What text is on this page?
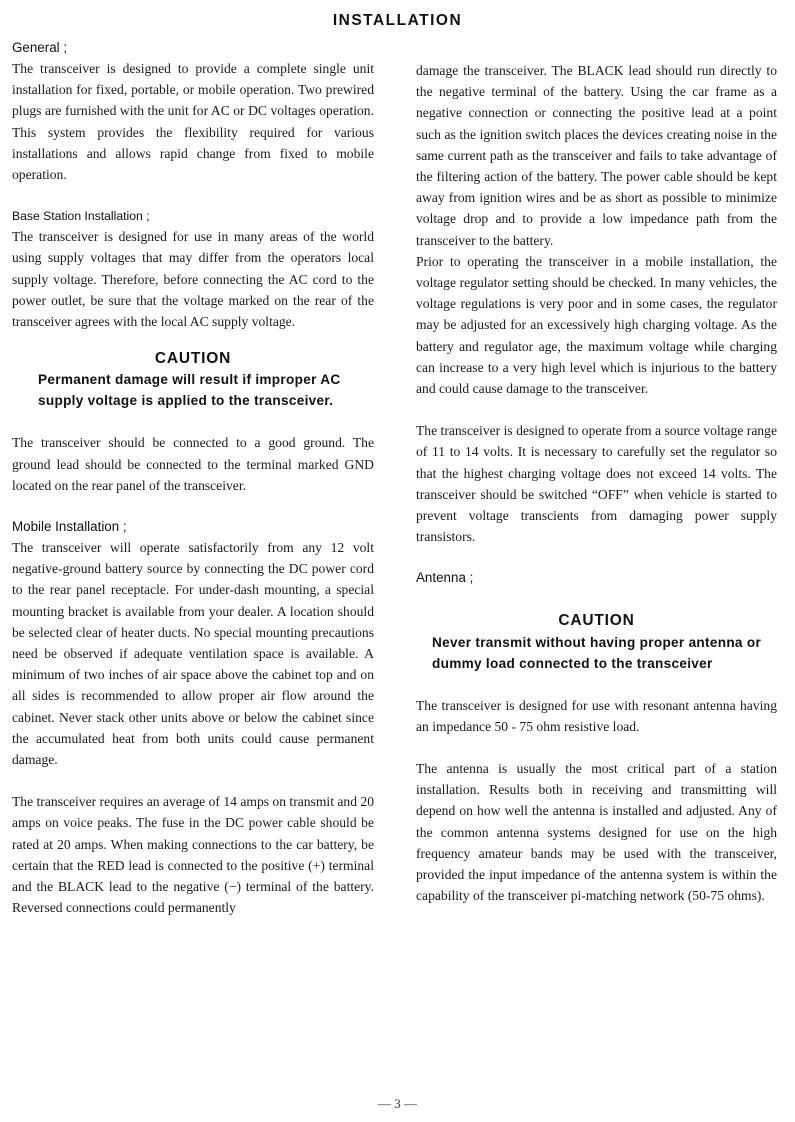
INSTALLATION

General ;

The transceiver is designed to provide a complete single unit installation for fixed, portable, or mobile operation. Two prewired plugs are furnished with the unit for AC or DC voltages operation. This system provides the flexibility required for various installations and allows rapid change from fixed to mobile operation.

Base Station Installation ;

The transceiver is designed for use in many areas of the world using supply voltages that may differ from the operators local supply voltage. Therefore, before connecting the AC cord to the power outlet, be sure that the voltage marked on the rear of the transceiver agrees with the local AC supply voltage.

CAUTION

Permanent damage will result if improper AC supply voltage is applied to the transceiver.

The transceiver should be connected to a good ground. The ground lead should be connected to the terminal marked GND located on the rear panel of the transceiver.

Mobile Installation ;

The transceiver will operate satisfactorily from any 12 volt negative-ground battery source by connecting the DC power cord to the rear panel receptacle. For under-dash mounting, a special mounting bracket is available from your dealer. A location should be selected clear of heater ducts. No special mounting precautions need be observed if adequate ventilation space is available. A minimum of two inches of air space above the cabinet top and on all sides is recommended to allow proper air flow around the cabinet. Never stack other units above or below the cabinet since the accumulated heat from both units could cause permanent damage.

The transceiver requires an average of 14 amps on transmit and 20 amps on voice peaks. The fuse in the DC power cable should be rated at 20 amps. When making connections to the car battery, be certain that the RED lead is connected to the positive (+) terminal and the BLACK lead to the negative (−) terminal of the battery. Reversed connections could permanently

damage the transceiver. The BLACK lead should run directly to the negative terminal of the battery. Using the car frame as a negative connection or connecting the positive lead at a point such as the ignition switch places the devices creating noise in the same current path as the transceiver and fails to take advantage of the filtering action of the battery. The power cable should be kept away from ignition wires and be as short as possible to minimize voltage drop and to provide a low impedance path from the transceiver to the battery.

Prior to operating the transceiver in a mobile installation, the voltage regulator setting should be checked. In many vehicles, the voltage regulations is very poor and in some cases, the regulator may be adjusted for an excessively high charging voltage. As the battery and regulator age, the maximum voltage while charging can increase to a very high level which is injurious to the battery and could cause damage to the transceiver.

The transceiver is designed to operate from a source voltage range of 11 to 14 volts. It is necessary to carefully set the regulator so that the highest charging voltage does not exceed 14 volts. The transceiver should be switched “OFF” when vehicle is started to prevent voltage transcients from damaging power supply transistors.

Antenna ;

CAUTION

Never transmit without having proper antenna or dummy load connected to the transceiver

The transceiver is designed for use with resonant antenna having an impedance 50 - 75 ohm resistive load.

The antenna is usually the most critical part of a station installation. Results both in receiving and transmitting will depend on how well the antenna is installed and adjusted. Any of the common antenna systems designed for use on the high frequency amateur bands may be used with the transceiver, provided the input impedance of the antenna system is within the capability of the transceiver pi-matching network (50-75 ohms).

— 3 —
